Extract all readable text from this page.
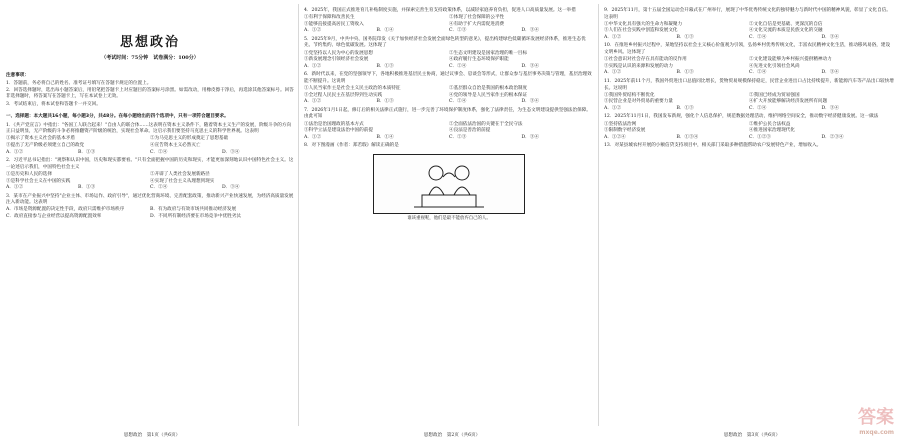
思想政治
（考试时间：75分钟　试卷满分：100分）
注意事项：

1．答题前，务必将自己的姓名、准考证号填写在答题卡规定的位置上。

2．回答选择题时，选出每小题答案后，用铅笔把答题卡上对应题目的答案标号涂黑。如需改动，用橡皮擦干净后，再选涂其他答案标号。回答非选择题时，将答案写在答题卡上，写在本试卷上无效。

3．考试结束后，将本试卷和答题卡一并交回。

一、选择题：本大题共16小题，每小题3分，共48分。在每小题给出的四个选项中，只有一项符合题目要求。

1．《共产党宣言》中指出："各国工人联合起来！"自由人的联合体……这表明在资本主义条件下，随着资本主义生产的发展，阶级斗争的方向正日益明显，无产阶级的斗争必将推翻资产阶级的统治，实现社会革命。这启示我们要坚持马克思主义的科学世界观。这表明

①揭示了资本主义社会的基本矛盾	②为马克思主义的形成奠定了思想基础
③提出了无产阶级必须建立自己的政党	④宣告资本主义必然灭亡
A．①②	B．①③	C．②④	D．③④

2．习近平总书记指出："观察和认识中国，历史和现实都要看。"只有全面把握中国的历史和现实，才能更加深刻地认识中国特色社会主义。这一论述启示我们，中国特色社会主义

①是历史和人民的选择	②开辟了人类社会发展新路径
③是科学社会主义在中国的实践	④实现了社会主义从理想到现实
A．①②	B．①③	C．②④	D．③④

3．某市在产业振兴中坚持"企业主体、市场运作、政府引导"，通过优化营商环境、完善配套政策，推动新兴产业快速发展，为经济高质量发展注入新动能。这表明

A．市场是资源配置的决定性手段，政府只需维护市场秩序	B．有为政府与有效市场共同推动经济发展
C．政府直接参与企业经营以提高资源配置效率	D．不同所有制经济要在市场竞争中优胜劣汰
思想政治　第1页（共6页）

4．2025年，我国正式推进育儿补贴制度实施，并探索完善生育支持政策体系，以减轻家庭养育负担，促进人口高质量发展。这一举措

①有利于保障和改善民生	②体现了社会保障的公平性
③能够直接提高居民工资收入	④有助于扩大内需促进消费
A．①②	B．①④	C．②③	D．③④

5．2025年9月，中共中央、国务院印发《关于加快经济社会发展全面绿色转型的意见》，提出构建绿色低碳循环发展经济体系，推进生态优先、节约集约、绿色低碳发展。这体现了

①党坚持以人民为中心的发展思想	②生态文明建设是国家治理的唯一目标
③新发展理念引领经济社会发展	④政府履行生态环境保护职能
A．①②	B．①③	C．②④	D．③④

6．新时代以来，在党的坚强领导下，各地积极推进基层民主协商，通过议事会、恳谈会等形式，让群众参与基层事务决策与管理，基层治理效能不断提升。这说明

①人民当家作主是社会主义民主政治的本质特征	②基层群众自治是我国的根本政治制度
③全过程人民民主在基层得到生动实践	④党的领导是人民当家作主的根本保证
A．①②	B．①③	C．②④	D．③④

7．2026年1月1日起，修订后的相关法律正式施行，进一步完善了环境保护制度体系，强化了法律责任，为生态文明建设提供坚强法治保障。由此可知

①法治是治国理政的基本方式	②全面依法治国的关键在于全民守法
③科学立法是建设法治中国的前提	④良法是善治的前提
A．①②	B．①④	C．②③	D．③④

8．对下图漫画《作者：郑若瑕》解读正确的是

谁该重视呢，他们是最不能放弃自己的人。
思想政治　第2页（共6页）

9．2025年11月，第十五届全国运动会开幕式在广州举行，展现了中华优秀传统文化的独特魅力与新时代中国的精神风貌，彰显了文化自信。这表明

①中华文化具有强大的生命力和凝聚力	②文化自信是更基础、更深沉的自信
③人们在社会实践中创造和发展文化	④文化交流的本质是民族文化的交融
A．①②	B．①③	C．②④	D．③④

10．在推进乡村振兴过程中，某地坚持以社会主义核心价值观为引领，弘扬乡村优秀传统文化，丰富农民精神文化生活，推动移风易俗，建设文明乡风。这体现了

①社会意识对社会存在具有能动的反作用	②文化建设能够为乡村振兴提供精神动力
③实践是认识的来源和发展的动力	④先进文化引领社会风尚
A．①②	B．①③	C．②④	D．③④

11．2025年前11个月，我国外贸进出口总值同比增长，货物贸易规模保持稳定，民营企业进出口占比持续提升，新能源汽车等产品出口较快增长。这说明

①我国外贸结构不断优化	②我国已经成为贸易强国
③民营企业是对外贸易的重要力量	④扩大开放能够解决经济发展所有问题
A．①②	B．①③	C．②④	D．③④

12．2025年11月1日，我国发布新规，强化个人信息保护，规范数据处理活动，维护网络空间安全，推动数字经济健康发展。这一做法

①坚持依法治网	②维护公民合法权益
③限制数字经济发展	④推进国家治理现代化
A．①②④	B．①③④	C．①②③	D．②③④

13．对某县城农村开展的小额信贷支持项目中，相关部门采取多种措施帮助农户发展特色产业，增加收入。

思想政治　第3页（共6页）
答案
mxqe.com
